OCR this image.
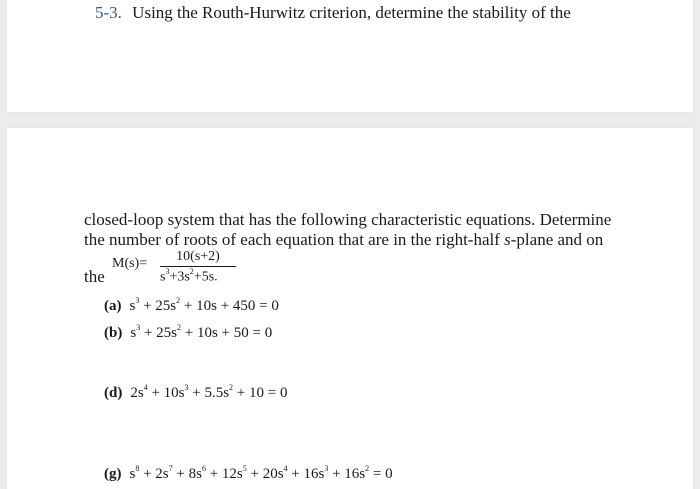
5-3. Using the Routh-Hurwitz criterion, determine the stability of the
closed-loop system that has the following characteristic equations. Determine
the number of roots of each equation that are in the right-half s-plane and on
the
$M(s)= \frac{10(s+2)}{s^3+3s^2+5s.}$
(a) $s^3 + 25s^2 + 10s + 450 = 0$
(b) $s^3 + 25s^2 + 10s + 50 = 0$
(d) $2s^4 + 10s^3 + 5.5s^2 + 10 = 0$
(g) $s^8 + 2s^7 + 8s^6 + 12s^5 + 20s^4 + 16s^3 + 16s^2 = 0$
